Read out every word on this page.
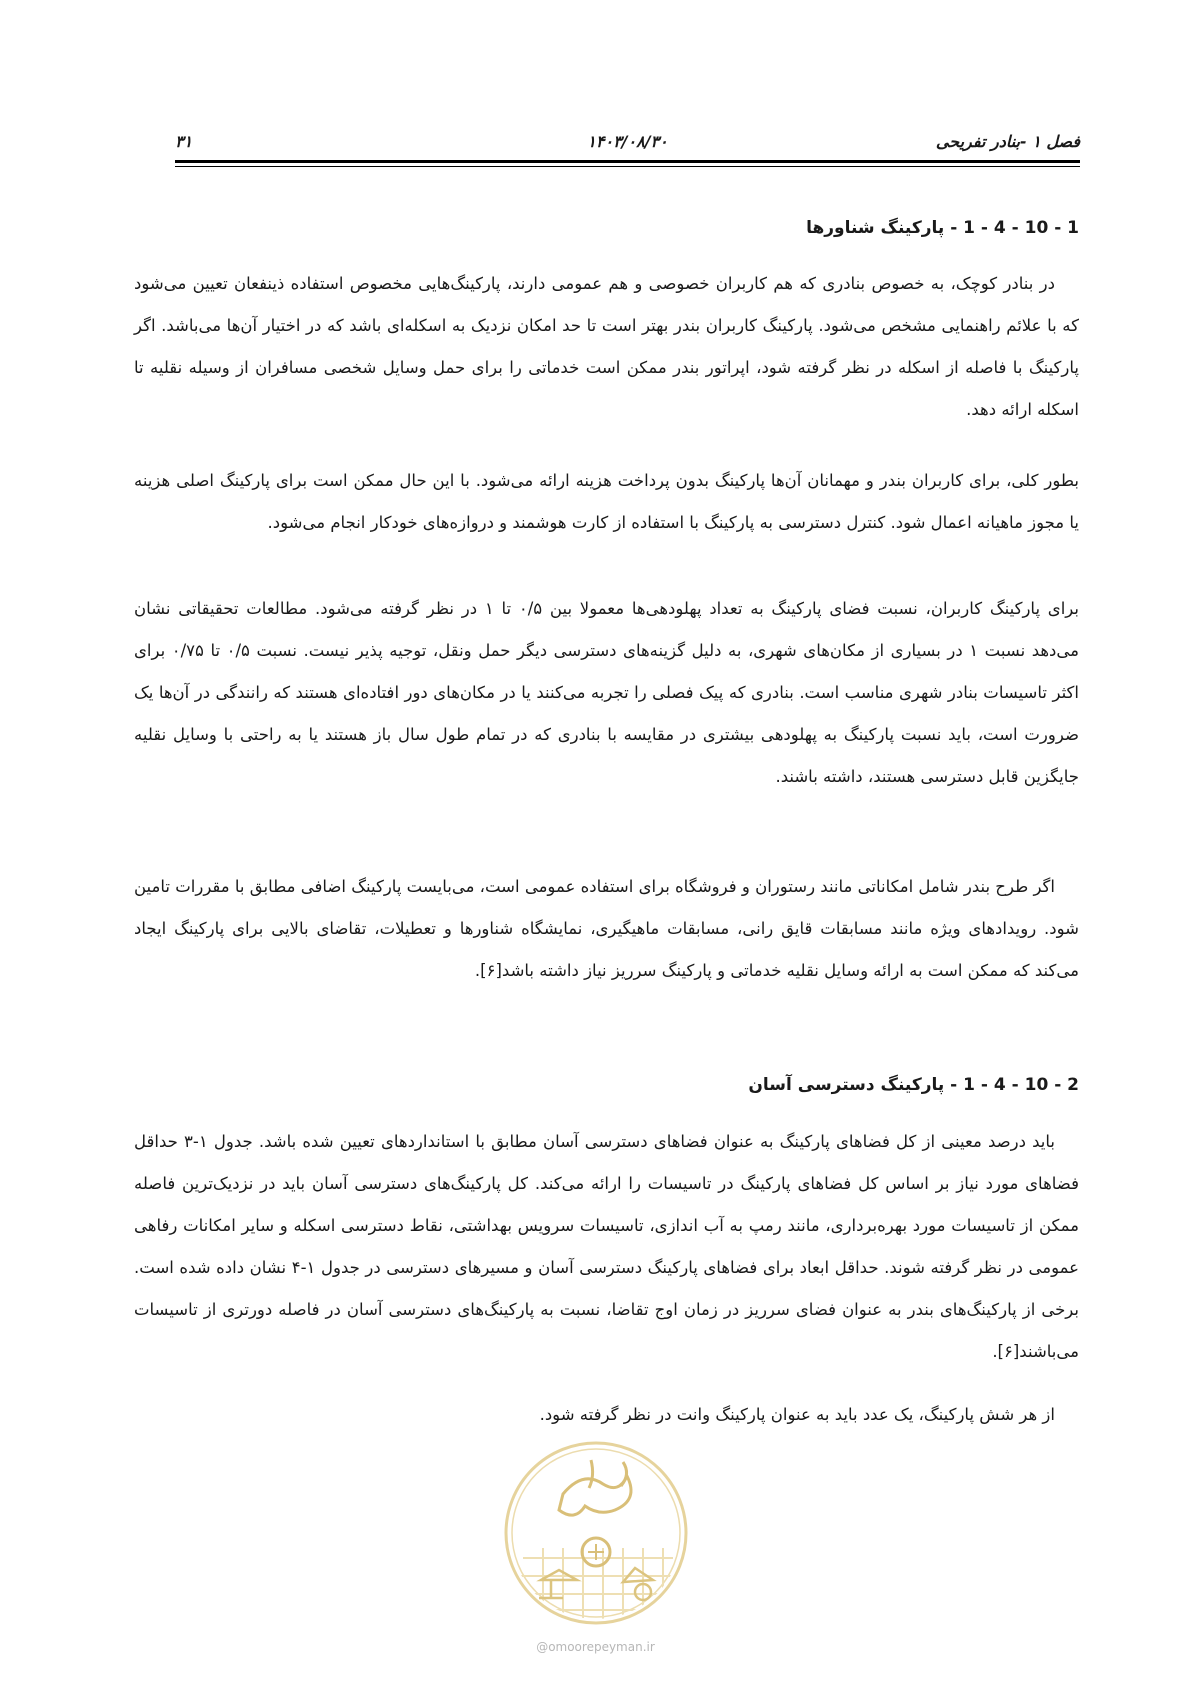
فصل ۱ -بنادر تفریحی
۱۴۰۳/۰۸/۳۰
۳۱
1 - 4 - 10 - 1 - پارکینگ شناورها

در بنادر کوچک، به خصوص بنادری که هم کاربران خصوصی و هم عمومی دارند، پارکینگ‌هایی مخصوص استفاده ذینفعان تعیین می‌شود که با علائم راهنمایی مشخص می‌شود. پارکینگ کاربران بندر بهتر است تا حد امکان نزدیک به اسکله‌ای باشد که در اختیار آن‌ها می‌باشد. اگر پارکینگ با فاصله از اسکله در نظر گرفته شود، اپراتور بندر ممکن است خدماتی را برای حمل وسایل شخصی مسافران از وسیله نقلیه تا اسکله ارائه دهد.

بطور کلی، برای کاربران بندر و مهمانان آن‌ها پارکینگ بدون پرداخت هزینه ارائه می‌شود. با این حال ممکن است برای پارکینگ اصلی هزینه یا مجوز ماهیانه اعمال شود. کنترل دسترسی به پارکینگ با استفاده از کارت هوشمند و دروازه‌های خودکار انجام می‌شود.

برای پارکینگ کاربران، نسبت فضای پارکینگ به تعداد پهلودهی‌ها معمولا بین ۰/۵ تا ۱ در نظر گرفته می‌شود. مطالعات تحقیقاتی نشان می‌دهد نسبت ۱ در بسیاری از مکان‌های شهری، به دلیل گزینه‌های دسترسی دیگر حمل ونقل، توجیه پذیر نیست. نسبت ۰/۵ تا ۰/۷۵ برای اکثر تاسیسات بنادر شهری مناسب است. بنادری که پیک فصلی را تجربه می‌کنند یا در مکان‌های دور افتاده‌ای هستند که رانندگی در آن‌ها یک ضرورت است، باید نسبت پارکینگ به پهلودهی بیشتری در مقایسه با بنادری که در تمام طول سال باز هستند یا به راحتی با وسایل نقلیه جایگزین قابل دسترسی هستند، داشته باشند.

اگر طرح بندر شامل امکاناتی مانند رستوران و فروشگاه برای استفاده عمومی است، می‌بایست پارکینگ اضافی مطابق با مقررات تامین شود. رویدادهای ویژه مانند مسابقات قایق رانی، مسابقات ماهیگیری، نمایشگاه شناورها و تعطیلات، تقاضای بالایی برای پارکینگ ایجاد می‌کند که ممکن است به ارائه وسایل نقلیه خدماتی و پارکینگ سرریز نیاز داشته باشد[۶].

1 - 4 - 10 - 2 - پارکینگ دسترسی آسان

باید درصد معینی از کل فضاهای پارکینگ به عنوان فضاهای دسترسی آسان مطابق با استانداردهای تعیین شده باشد. جدول ۱-۳ حداقل فضاهای مورد نیاز بر اساس کل فضاهای پارکینگ در تاسیسات را ارائه می‌کند. کل پارکینگ‌های دسترسی آسان باید در نزدیک‌ترین فاصله ممکن از تاسیسات مورد بهره‌برداری، مانند رمپ به آب اندازی، تاسیسات سرویس بهداشتی، نقاط دسترسی اسکله و سایر امکانات رفاهی عمومی در نظر گرفته شوند. حداقل ابعاد برای فضاهای پارکینگ دسترسی آسان و مسیرهای دسترسی در جدول ۱-۴ نشان داده شده است. برخی از پارکینگ‌های بندر به عنوان فضای سرریز در زمان اوج تقاضا، نسبت به پارکینگ‌های دسترسی آسان در فاصله دورتری از تاسیسات می‌باشند[۶].

از هر شش پارکینگ، یک عدد باید به عنوان پارکینگ وانت در نظر گرفته شود.

@omoorepeyman.ir
